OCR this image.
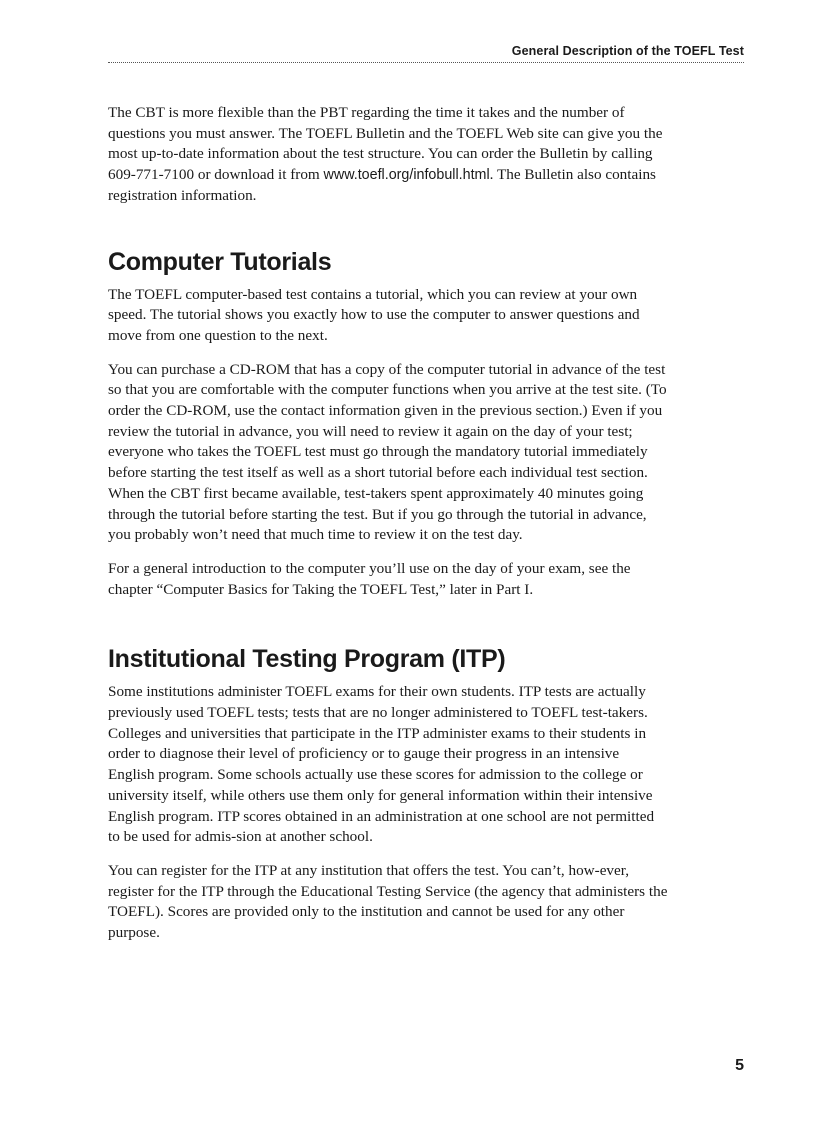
General Description of the TOEFL Test

The CBT is more flexible than the PBT regarding the time it takes and the number of questions you must answer. The TOEFL Bulletin and the TOEFL Web site can give you the most up-to-date information about the test structure. You can order the Bulletin by calling 609-771-7100 or download it from www.toefl.org/infobull.html. The Bulletin also contains registration information.

Computer Tutorials

The TOEFL computer-based test contains a tutorial, which you can review at your own speed. The tutorial shows you exactly how to use the computer to answer questions and move from one question to the next.

You can purchase a CD-ROM that has a copy of the computer tutorial in advance of the test so that you are comfortable with the computer functions when you arrive at the test site. (To order the CD-ROM, use the contact information given in the previous section.) Even if you review the tutorial in advance, you will need to review it again on the day of your test; everyone who takes the TOEFL test must go through the mandatory tutorial immediately before starting the test itself as well as a short tutorial before each individual test section. When the CBT first became available, test-takers spent approximately 40 minutes going through the tutorial before starting the test. But if you go through the tutorial in advance, you probably won’t need that much time to review it on the test day.

For a general introduction to the computer you’ll use on the day of your exam, see the chapter “Computer Basics for Taking the TOEFL Test,” later in Part I.

Institutional Testing Program (ITP)

Some institutions administer TOEFL exams for their own students. ITP tests are actually previously used TOEFL tests; tests that are no longer administered to TOEFL test-takers. Colleges and universities that participate in the ITP administer exams to their students in order to diagnose their level of proficiency or to gauge their progress in an intensive English program. Some schools actually use these scores for admission to the college or university itself, while others use them only for general information within their intensive English program. ITP scores obtained in an administration at one school are not permitted to be used for admis-sion at another school.

You can register for the ITP at any institution that offers the test. You can’t, how-ever, register for the ITP through the Educational Testing Service (the agency that administers the TOEFL). Scores are provided only to the institution and cannot be used for any other purpose.

5
